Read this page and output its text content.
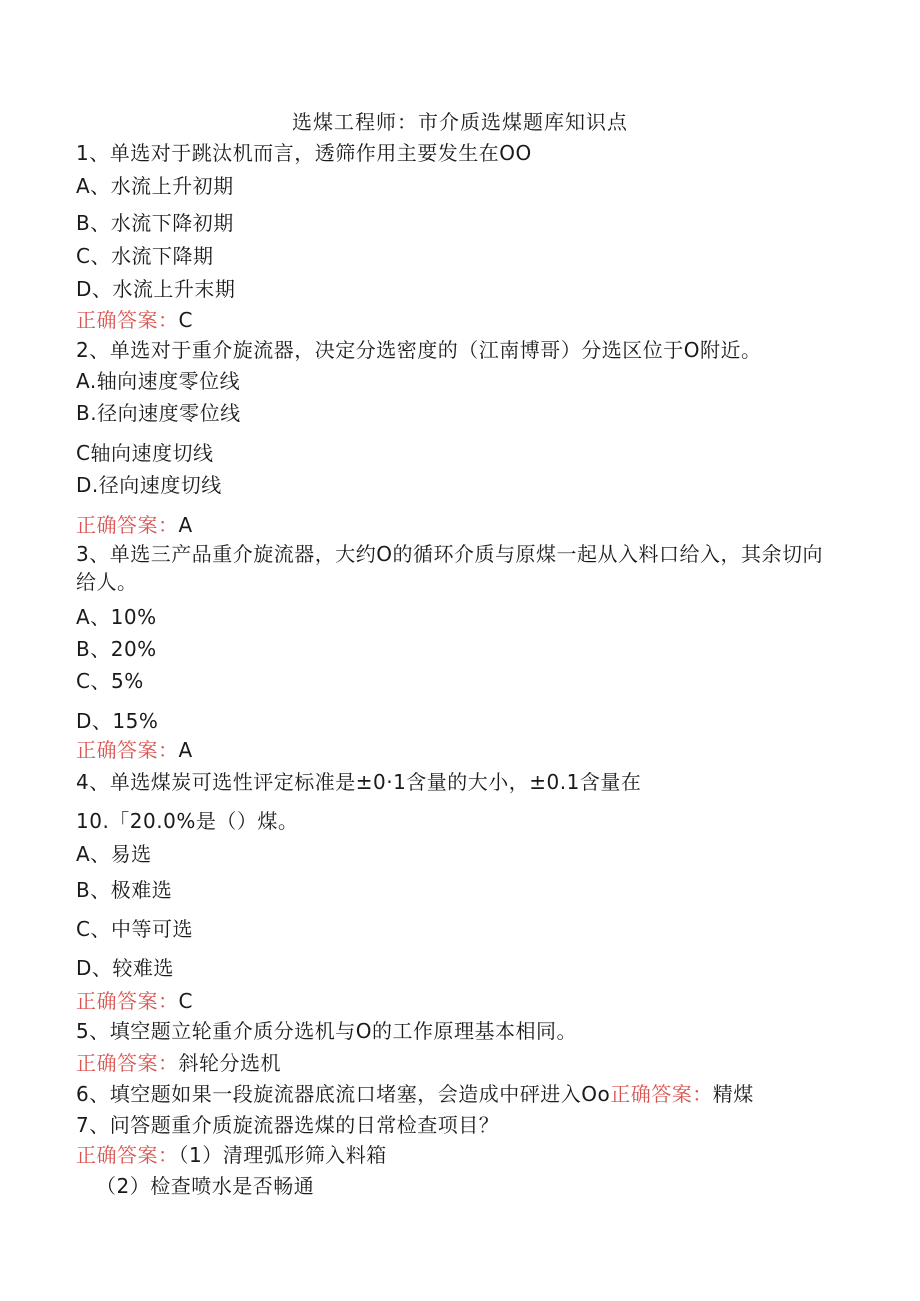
选煤工程师：市介质选煤题库知识点
1、单选对于跳汰机而言，透筛作用主要发生在OO
A、水流上升初期
B、水流下降初期
C、水流下降期
D、水流上升末期
正确答案：C
2、单选对于重介旋流器，决定分选密度的（江南博哥）分选区位于O附近。
A.轴向速度零位线
B.径向速度零位线
C轴向速度切线
D.径向速度切线
正确答案：A
3、单选三产品重介旋流器，大约O的循环介质与原煤一起从入料口给入，其余切向给人。
A、10%
B、20%
C、5%
D、15%
正确答案：A
4、单选煤炭可选性评定标准是±0·1含量的大小，±0.1含量在
10.「20.0%是（）煤。
A、易选
B、极难选
C、中等可选
D、较难选
正确答案：C
5、填空题立轮重介质分选机与O的工作原理基本相同。
正确答案：斜轮分选机
6、填空题如果一段旋流器底流口堵塞，会造成中砰进入Oo正确答案：精煤
7、问答题重介质旋流器选煤的日常检查项目？
正确答案：（1）清理弧形筛入料箱
（2）检查喷水是否畅通
